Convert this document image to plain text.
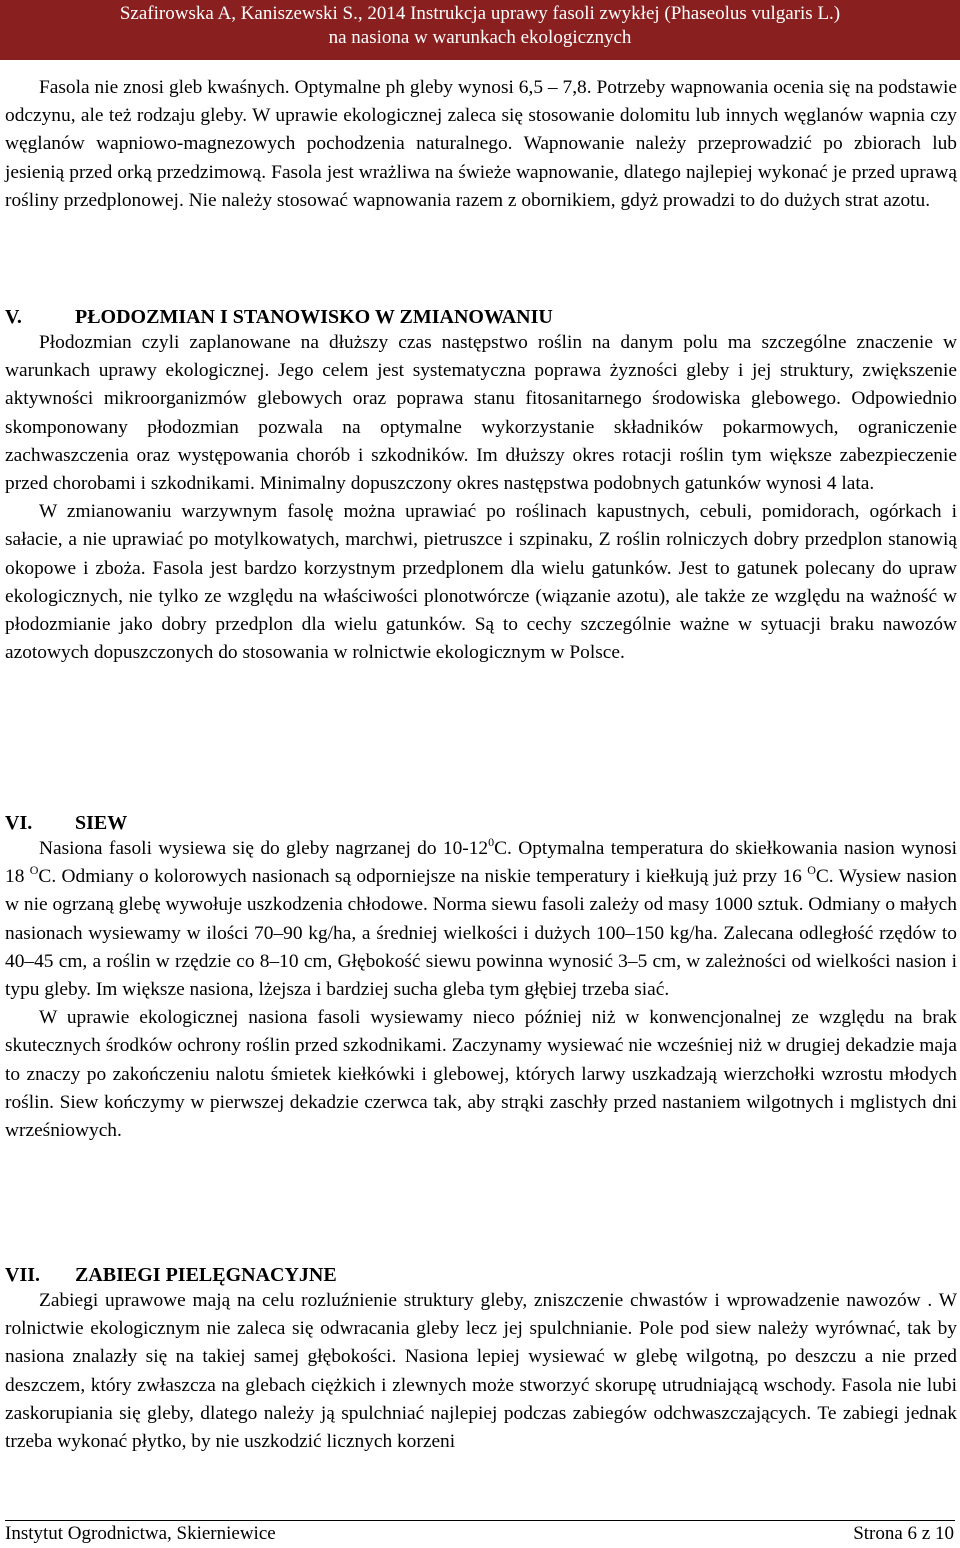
Szafirowska A, Kaniszewski S., 2014 Instrukcja uprawy fasoli zwykłej (Phaseolus vulgaris L.)
na nasiona w warunkach ekologicznych

Fasola nie znosi gleb kwaśnych. Optymalne ph gleby wynosi 6,5 – 7,8. Potrzeby wapnowania ocenia się na podstawie odczynu, ale też rodzaju gleby. W uprawie ekologicznej zaleca się stosowanie dolomitu lub innych węglanów wapnia czy węglanów wapniowo-magnezowych pochodzenia naturalnego. Wapnowanie należy przeprowadzić po zbiorach lub jesienią przed orką przedzimową. Fasola jest wrażliwa na świeże wapnowanie, dlatego najlepiej wykonać je przed uprawą rośliny przedplonowej. Nie należy stosować wapnowania razem z obornikiem, gdyż prowadzi to do dużych strat azotu.

V.	PŁODOZMIAN I STANOWISKO W ZMIANOWANIU

Płodozmian czyli zaplanowane na dłuższy czas następstwo roślin na danym polu ma szczególne znaczenie w warunkach uprawy ekologicznej. Jego celem jest systematyczna poprawa żyzności gleby i jej struktury, zwiększenie aktywności mikroorganizmów glebowych oraz poprawa stanu fitosanitarnego środowiska glebowego. Odpowiednio skomponowany płodozmian pozwala na optymalne wykorzystanie składników pokarmowych, ograniczenie zachwaszczenia oraz występowania chorób i szkodników. Im dłuższy okres rotacji roślin tym większe zabezpieczenie przed chorobami i szkodnikami. Minimalny dopuszczony okres następstwa podobnych gatunków wynosi 4 lata.

W zmianowaniu warzywnym fasolę można uprawiać po roślinach kapustnych, cebuli, pomidorach, ogórkach i sałacie, a nie uprawiać po motylkowatych, marchwi, pietruszce i szpinaku, Z roślin rolniczych dobry przedplon stanowią okopowe i zboża. Fasola jest bardzo korzystnym przedplonem dla wielu gatunków. Jest to gatunek polecany do upraw ekologicznych, nie tylko ze względu na właściwości plonotwórcze (wiązanie azotu), ale także ze względu na ważność w płodozmianie jako dobry przedplon dla wielu gatunków. Są to cechy szczególnie ważne w sytuacji braku nawozów azotowych dopuszczonych do stosowania w rolnictwie ekologicznym w Polsce.

VI. SIEW

Nasiona fasoli wysiewa się do gleby nagrzanej do $10-12^0C$. Optymalna temperatura do skiełkowania nasion wynosi 18 $^O$C. Odmiany o kolorowych nasionach są odporniejsze na niskie temperatury i kiełkują już przy 16 $^O$C. Wysiew nasion w nie ogrzaną glebę wywołuje uszkodzenia chłodowe. Norma siewu fasoli zależy od masy 1000 sztuk. Odmiany o małych nasionach wysiewamy w ilości 70–90 kg/ha, a średniej wielkości i dużych 100–150 kg/ha. Zalecana odległość rzędów to 40–45 cm, a roślin w rzędzie co 8–10 cm, Głębokość siewu powinna wynosić 3–5 cm, w zależności od wielkości nasion i typu gleby. Im większe nasiona, lżejsza i bardziej sucha gleba tym głębiej trzeba siać.

W uprawie ekologicznej nasiona fasoli wysiewamy nieco później niż w konwencjonalnej ze względu na brak skutecznych środków ochrony roślin przed szkodnikami. Zaczynamy wysiewać nie wcześniej niż w drugiej dekadzie maja to znaczy po zakończeniu nalotu śmietek kiełkówki i glebowej, których larwy uszkadzają wierzchołki wzrostu młodych roślin. Siew kończymy w pierwszej dekadzie czerwca tak, aby strąki zaschły przed nastaniem wilgotnych i mglistych dni wrześniowych.

VII. ZABIEGI PIELĘGNACYJNE

Zabiegi uprawowe mają na celu rozluźnienie struktury gleby, zniszczenie chwastów i wprowadzenie nawozów . W rolnictwie ekologicznym nie zaleca się odwracania gleby lecz jej spulchnianie. Pole pod siew należy wyrównać, tak by nasiona znalazły się na takiej samej głębokości. Nasiona lepiej wysiewać w glebę wilgotną, po deszczu a nie przed deszczem, który zwłaszcza na glebach ciężkich i zlewnych może stworzyć skorupę utrudniającą wschody. Fasola nie lubi zaskorupiania się gleby, dlatego należy ją spulchniać najlepiej podczas zabiegów odchwaszczających. Te zabiegi jednak trzeba wykonać płytko, by nie uszkodzić licznych korzeni

Instytut Ogrodnictwa, Skierniewice	Strona 6 z 10
